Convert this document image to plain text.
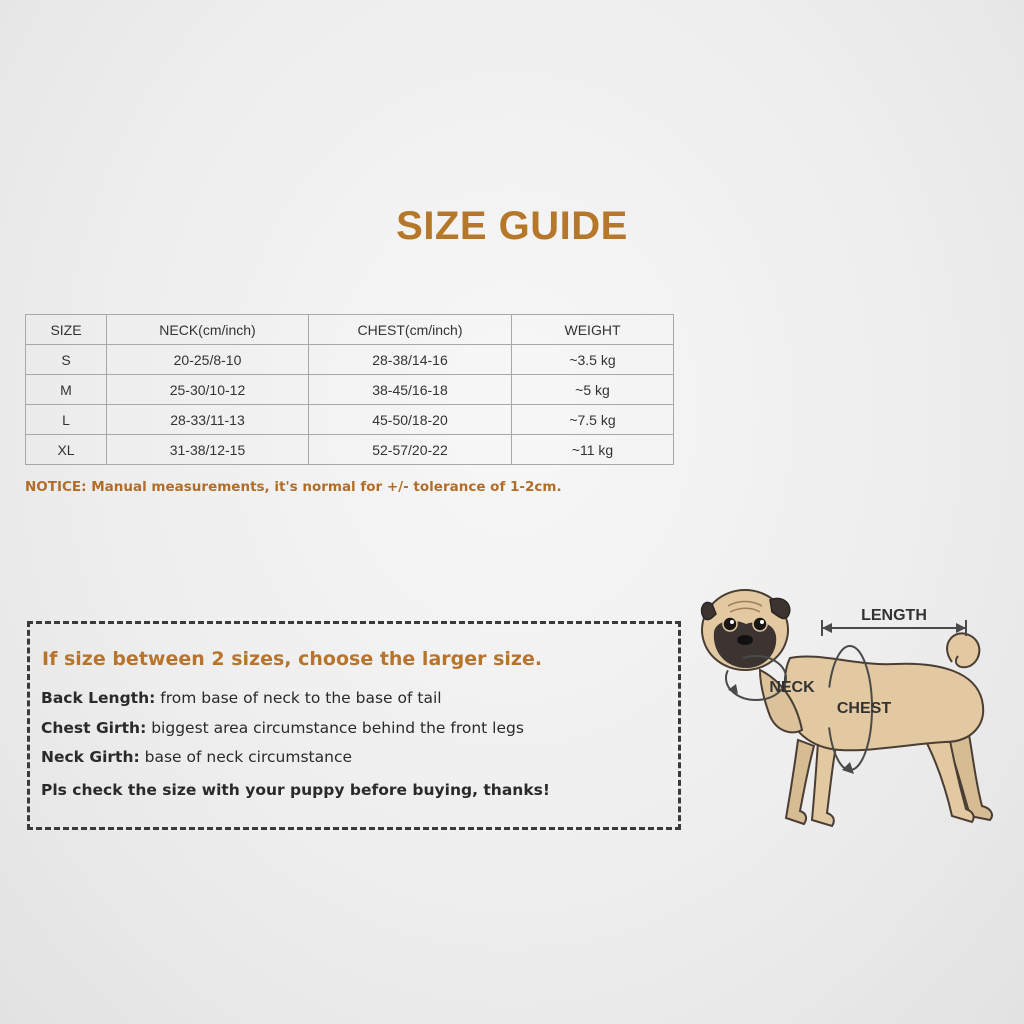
SIZE GUIDE
SIZE	NECK(cm/inch)	CHEST(cm/inch)	WEIGHT
S	20-25/8-10	28-38/14-16	~3.5 kg
M	25-30/10-12	38-45/16-18	~5 kg
L	28-33/11-13	45-50/18-20	~7.5 kg
XL	31-38/12-15	52-57/20-22	~11 kg
NOTICE: Manual measurements, it's normal for +/- tolerance of 1-2cm.
If size between 2 sizes, choose the larger size.
Back Length: from base of neck to the base of tail
Chest Girth: biggest area circumstance behind the front legs
Neck Girth: base of neck circumstance
Pls check the size with your puppy before buying, thanks!
LENGTH
NECK
CHEST
